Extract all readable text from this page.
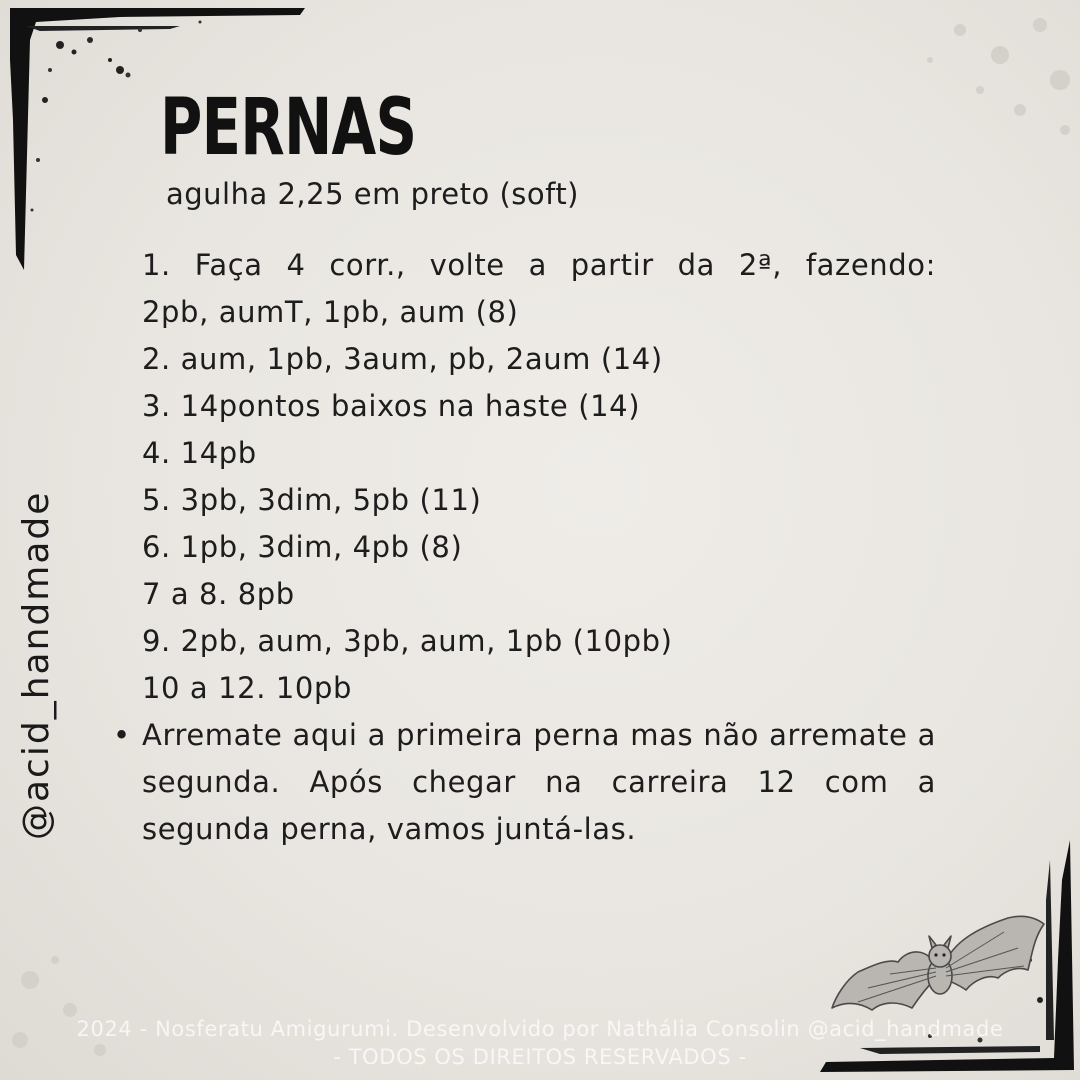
PERNAS
agulha 2,25 em preto (soft)

1. Faça 4 corr., volte a partir da 2ª, fazendo:

2pb, aumT, 1pb, aum (8)

2. aum, 1pb, 3aum, pb, 2aum (14)

3. 14pontos baixos na haste (14)

4. 14pb

5. 3pb, 3dim, 5pb (11)

6. 1pb, 3dim, 4pb (8)

7 a 8. 8pb

9. 2pb, aum, 3pb, aum, 1pb (10pb)

10 a 12. 10pb

• Arremate aqui a primeira perna mas não arremate a segunda. Após chegar na carreira 12 com a segunda perna, vamos juntá-las.

@acid_handmade
2024 - Nosferatu Amigurumi. Desenvolvido por Nathália Consolin @acid_handmade
- TODOS OS DIREITOS RESERVADOS -
